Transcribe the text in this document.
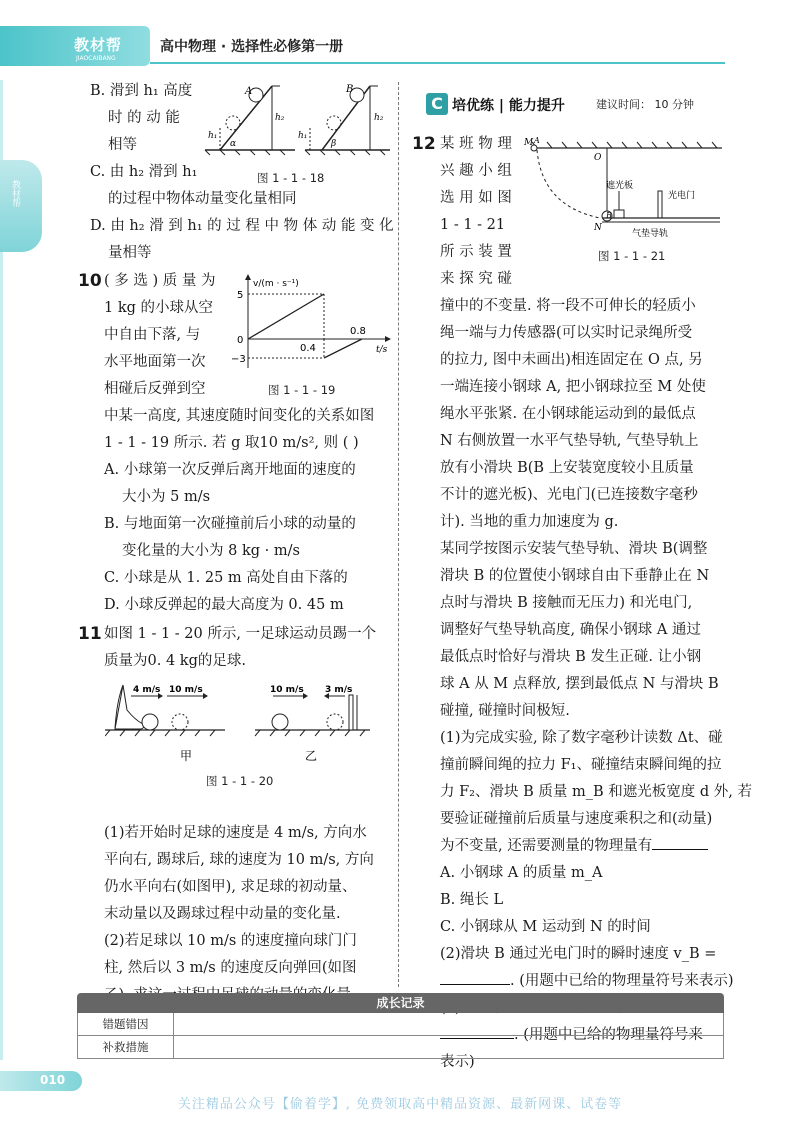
教材帮
JIAOCAIBANG
高中物理 · 选择性必修第一册
教材帮
B. 滑到 h₁ 高度
时 的 动 能
相等
C. 由 h₂ 滑到 h₁
的过程中物体动量变化量相同
D. 由 h₂ 滑 到 h₁ 的 过 程 中 物 体 动 能 变 化
量相等
A	B
h₁
h₂
h₁
h₂
α	β
图 1 - 1 - 18
10 ( 多 选 ) 质 量 为
1 kg 的小球从空
中自由下落, 与
水平地面第一次
相碰后反弹到空
中某一高度, 其速度随时间变化的关系如图
1 - 1 - 19 所示. 若 g 取10 m/s², 则 ( )
A. 小球第一次反弹后离开地面的速度的
大小为 5 m/s
B. 与地面第一次碰撞前后小球的动量的
变化量的大小为 8 kg · m/s
C. 小球是从 1. 25 m 高处自由下落的
D. 小球反弹起的最大高度为 0. 45 m
v/(m · s⁻¹)
t/s
5
0
−3
0.4
0.8
图 1 - 1 - 19
11 如图 1 - 1 - 20 所示, 一足球运动员踢一个
质量为0. 4 kg的足球.
(1)若开始时足球的速度是 4 m/s, 方向水
平向右, 踢球后, 球的速度为 10 m/s, 方向
仍水平向右(如图甲), 求足球的初动量、
末动量以及踢球过程中动量的变化量.
(2)若足球以 10 m/s 的速度撞向球门门
柱, 然后以 3 m/s 的速度反向弹回(如图
4 m/s 10 m/s	10 m/s 3 m/s
甲	乙
图 1 - 1 - 20
C 培优练 | 能力提升	建议时间： 10 分钟
12 某 班 物 理
兴 趣 小 组
选 用 如 图
1 - 1 - 21
所 示 装 置
来 探 究 碰
撞中的不变量. 将一段不可伸长的轻质小
绳一端与力传感器(可以实时记录绳所受
的拉力, 图中未画出)相连固定在 O 点, 另
一端连接小钢球 A, 把小钢球拉至 M 处使
绳水平张紧. 在小钢球能运动到的最低点
N 右侧放置一水平气垫导轨, 气垫导轨上
放有小滑块 B(B 上安装宽度较小且质量
不计的遮光板)、光电门(已连接数字毫秒
计). 当地的重力加速度为 g.
某同学按图示安装气垫导轨、滑块 B(调整
滑块 B 的位置使小钢球自由下垂静止在 N
点时与滑块 B 接触而无压力) 和光电门,
调整好气垫导轨高度, 确保小钢球 A 通过
最低点时恰好与滑块 B 发生正碰. 让小钢
球 A 从 M 点释放, 摆到最低点 N 与滑块 B
碰撞, 碰撞时间极短.
(1)为完成实验, 除了数字毫秒计读数 Δt、碰
撞前瞬间绳的拉力 F₁、碰撞结束瞬间绳的拉
力 F₂、滑块 B 质量 m_B 和遮光板宽度 d 外, 若
要验证碰撞前后质量与速度乘积之和(动量)
为不变量, 还需要测量的物理量有
A. 小钢球 A 的质量 m_A
B. 绳长 L
C. 小钢球从 M 运动到 N 的时间
(2)滑块 B 通过光电门时的瞬时速度 v_B =
. (用题中已给的物理量符号来表示)
. (用题中已给的物理量符号来
表示)
M A
O
N
B
遮光板
光电门
气垫导轨
图 1 - 1 - 21
成长记录
错题错因
补救措施
010
关注精品公众号【偷着学】, 免费领取高中精品资源、最新网课、试卷等
